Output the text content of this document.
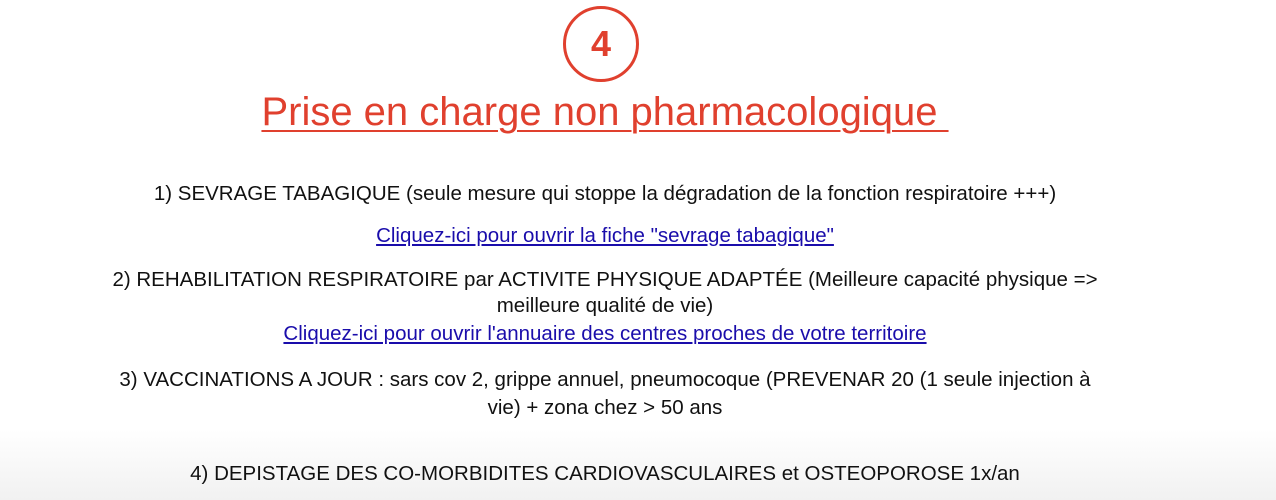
4
Prise en charge non pharmacologique
1) SEVRAGE TABAGIQUE (seule mesure qui stoppe la dégradation de la fonction respiratoire +++)
Cliquez-ici pour ouvrir la fiche "sevrage tabagique"
2) REHABILITATION RESPIRATOIRE par ACTIVITE PHYSIQUE ADAPTÉE (Meilleure capacité physique =>
meilleure qualité de vie)
Cliquez-ici pour ouvrir l'annuaire des centres proches de votre territoire
3) VACCINATIONS A JOUR : sars cov 2, grippe annuel, pneumocoque (PREVENAR 20 (1 seule injection à
vie) + zona chez > 50 ans
4) DEPISTAGE DES CO-MORBIDITES CARDIOVASCULAIRES et OSTEOPOROSE 1x/an
